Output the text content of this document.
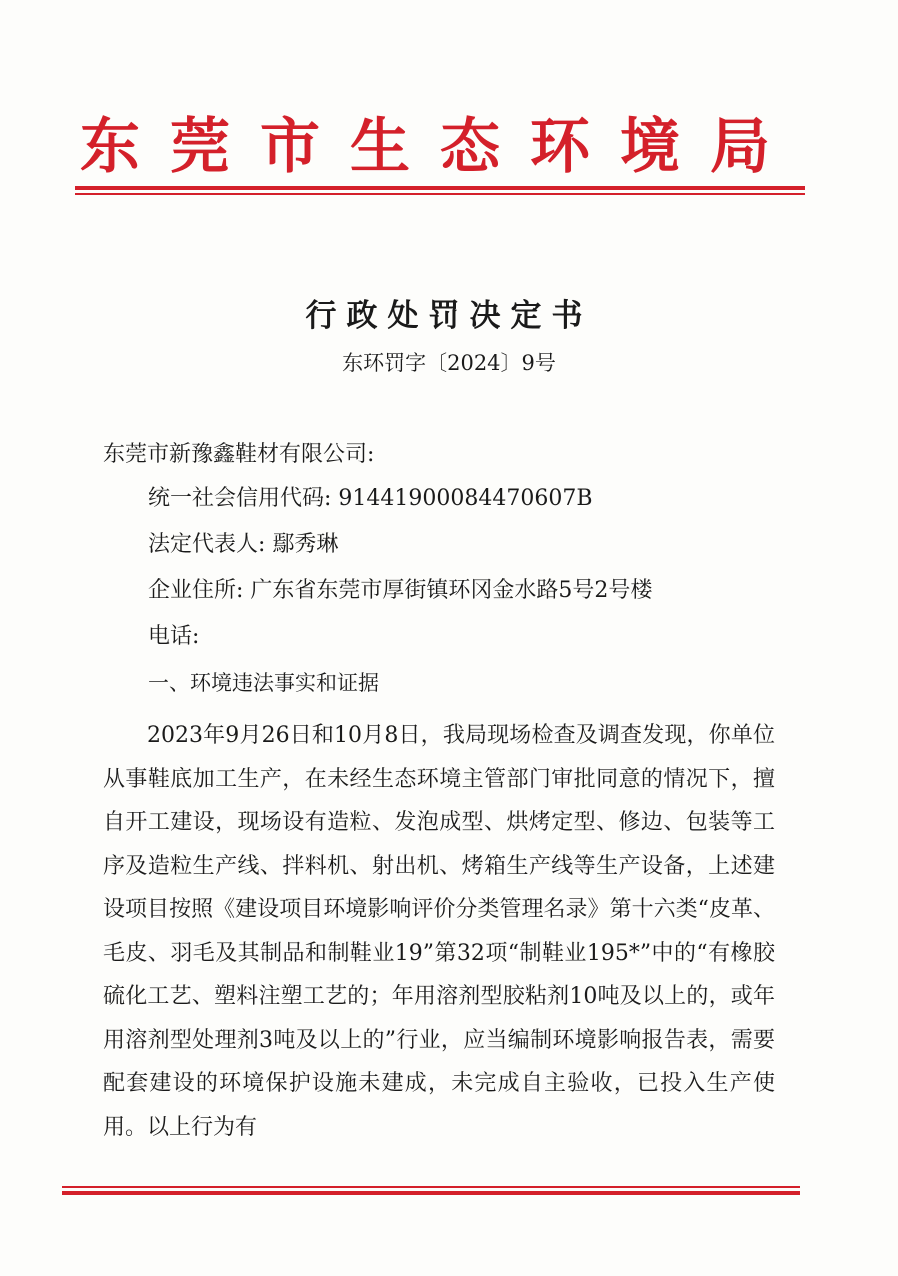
东莞市生态环境局
行政处罚决定书
东环罚字〔2024〕9号
东莞市新豫鑫鞋材有限公司:
统一社会信用代码: 91441900084470607B
法定代表人: 鄢秀琳
企业住所: 广东省东莞市厚街镇环冈金水路5号2号楼
电话:
一、环境违法事实和证据
2023年9月26日和10月8日，我局现场检查及调查发现，你单位从事鞋底加工生产，在未经生态环境主管部门审批同意的情况下，擅自开工建设，现场设有造粒、发泡成型、烘烤定型、修边、包装等工序及造粒生产线、拌料机、射出机、烤箱生产线等生产设备，上述建设项目按照《建设项目环境影响评价分类管理名录》第十六类“皮革、毛皮、羽毛及其制品和制鞋业19”第32项“制鞋业195*”中的“有橡胶硫化工艺、塑料注塑工艺的；年用溶剂型胶粘剂10吨及以上的，或年用溶剂型处理剂3吨及以上的”行业，应当编制环境影响报告表，需要配套建设的环境保护设施未建成，未完成自主验收，已投入生产使用。以上行为有
